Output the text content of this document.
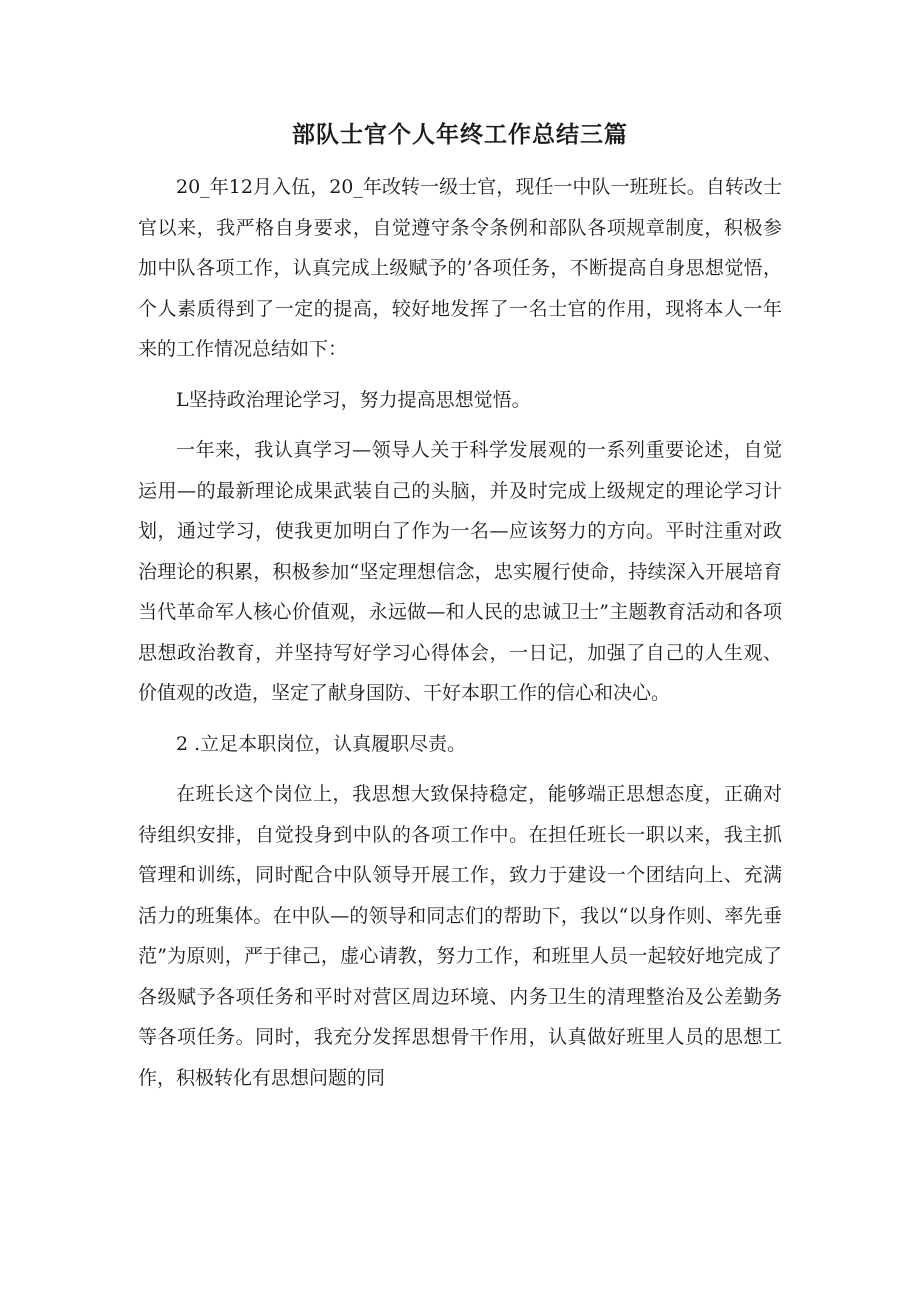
部队士官个人年终工作总结三篇

20_年12月入伍，20_年改转一级士官，现任一中队一班班长。自转改士官以来，我严格自身要求，自觉遵守条令条例和部队各项规章制度，积极参加中队各项工作，认真完成上级赋予的’各项任务，不断提高自身思想觉悟，个人素质得到了一定的提高，较好地发挥了一名士官的作用，现将本人一年来的工作情况总结如下：

L坚持政治理论学习，努力提高思想觉悟。

一年来，我认真学习—领导人关于科学发展观的一系列重要论述，自觉运用—的最新理论成果武装自己的头脑，并及时完成上级规定的理论学习计划，通过学习，使我更加明白了作为一名—应该努力的方向。平时注重对政治理论的积累，积极参加“坚定理想信念，忠实履行使命，持续深入开展培育当代革命军人核心价值观，永远做—和人民的忠诚卫士”主题教育活动和各项思想政治教育，并坚持写好学习心得体会，一日记，加强了自己的人生观、价值观的改造，坚定了献身国防、干好本职工作的信心和决心。

2 .立足本职岗位，认真履职尽责。

在班长这个岗位上，我思想大致保持稳定，能够端正思想态度，正确对待组织安排，自觉投身到中队的各项工作中。在担任班长一职以来，我主抓管理和训练，同时配合中队领导开展工作，致力于建设一个团结向上、充满活力的班集体。在中队—的领导和同志们的帮助下，我以“以身作则、率先垂范”为原则，严于律己，虚心请教，努力工作，和班里人员一起较好地完成了各级赋予各项任务和平时对营区周边环境、内务卫生的清理整治及公差勤务等各项任务。同时，我充分发挥思想骨干作用，认真做好班里人员的思想工作，积极转化有思想问题的同
